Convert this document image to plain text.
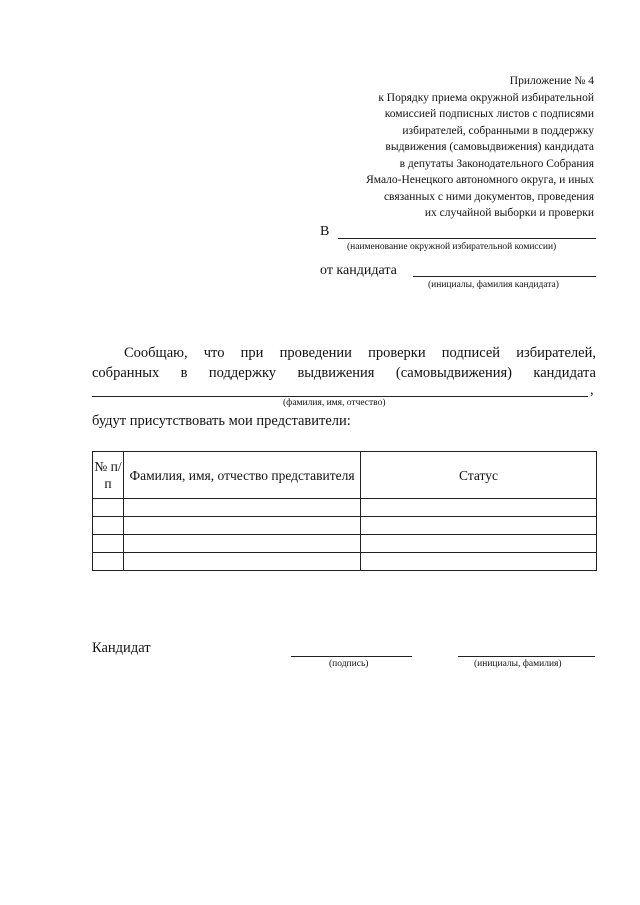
Приложение № 4
к Порядку приема окружной избирательной
комиссией подписных листов с подписями
избирателей, собранными в поддержку
выдвижения (самовыдвижения) кандидата
в депутаты Законодательного Собрания
Ямало-Ненецкого автономного округа, и иных
связанных с ними документов, проведения
их случайной выборки и проверки
В
(наименование окружной избирательной комиссии)
от кандидата
(инициалы, фамилия кандидата)
Сообщаю, что при проведении проверки подписей избирателей,
собранных в поддержку выдвижения (самовыдвижения) кандидата
,
(фамилия, имя, отчество)
будут присутствовать мои представители:
№ п/п	Фамилия, имя, отчество представителя	Статус

Кандидат
(подпись)	(инициалы, фамилия)
